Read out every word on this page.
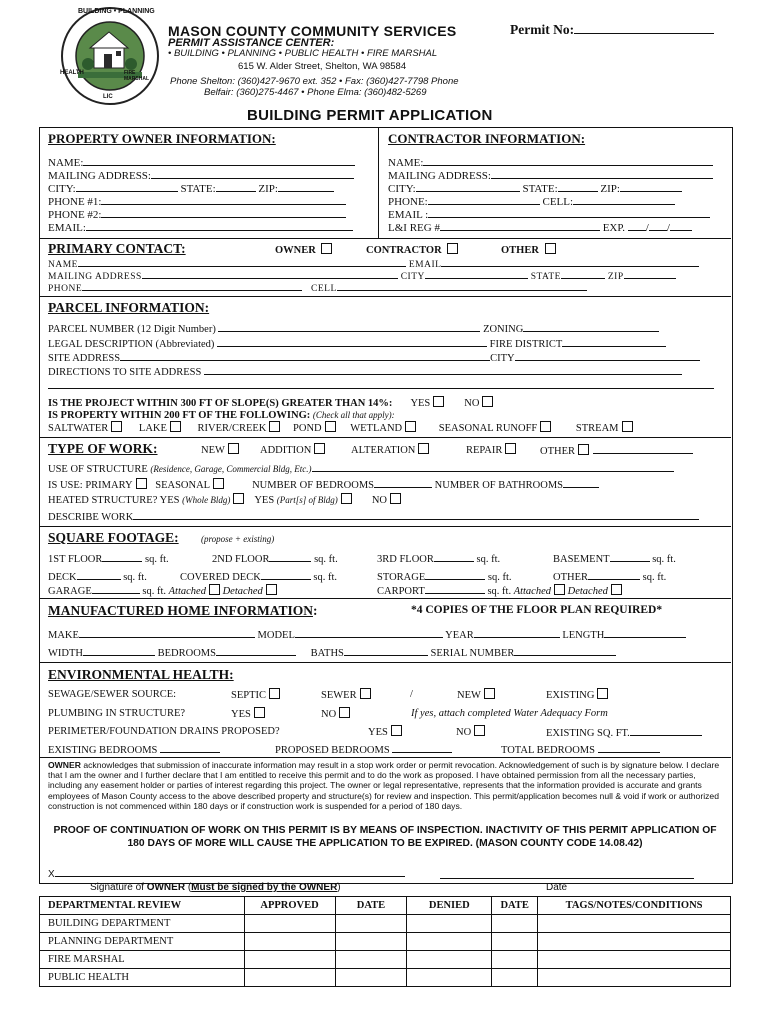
BUILDING • PLANNING
HEALTH	FIRE MARSHAL
LIC
MASON COUNTY COMMUNITY SERVICES	Permit No:
PERMIT ASSISTANCE CENTER:
• BUILDING • PLANNING • PUBLIC HEALTH • FIRE MARSHAL
615 W. Alder Street, Shelton, WA 98584
Phone Shelton: (360)427-9670 ext. 352 • Fax: (360)427-7798 Phone
Belfair: (360)275-4467 • Phone Elma: (360)482-5269
BUILDING PERMIT APPLICATION
PROPERTY OWNER INFORMATION:
NAME:
MAILING ADDRESS:
CITY:	STATE:	ZIP:
PHONE #1:
PHONE #2:
EMAIL:
CONTRACTOR INFORMATION:
NAME:
MAILING ADDRESS:
CITY:	STATE:	ZIP:
PHONE:	CELL:
EMAIL :
L&I REG #	EXP. / /
PRIMARY CONTACT:	OWNER	CONTRACTOR	OTHER
NAME	EMAIL
MAILING ADDRESS	CITY	STATE	ZIP
PHONE	CELL
PARCEL INFORMATION:
PARCEL NUMBER (12 Digit Number)	ZONING
LEGAL DESCRIPTION (Abbreviated)	FIRE DISTRICT
SITE ADDRESS	CITY
DIRECTIONS TO SITE ADDRESS
IS THE PROJECT WITHIN 300 FT OF SLOPE(S) GREATER THAN 14%: YES	NO
IS PROPERTY WITHIN 200 FT OF THE FOLLOWING: (Check all that apply):
SALTWATER	LAKE	RIVER/CREEK	POND	WETLAND	SEASONAL RUNOFF	STREAM
TYPE OF WORK:	NEW	ADDITION	ALTERATION	REPAIR	OTHER
USE OF STRUCTURE (Residence, Garage, Commercial Bldg, Etc.)
IS USE: PRIMARY SEASONAL	NUMBER OF BEDROOMS	NUMBER OF BATHROOMS
HEATED STRUCTURE? YES (Whole Bldg) YES (Part[s] of Bldg)	NO
DESCRIBE WORK
SQUARE FOOTAGE: (propose + existing)
1ST FLOOR	sq. ft.	2ND FLOOR	sq. ft.	3RD FLOOR	sq. ft.	BASEMENT	sq. ft.
DECK	sq. ft.	COVERED DECK	sq. ft.	STORAGE	sq. ft.	OTHER	sq. ft.
GARAGE	sq. ft. Attached Detached	CARPORT	sq. ft. Attached Detached
MANUFACTURED HOME INFORMATION:	*4 COPIES OF THE FLOOR PLAN REQUIRED*
MAKE	MODEL	YEAR	LENGTH
WIDTH	BEDROOMS	BATHS	SERIAL NUMBER
ENVIRONMENTAL HEALTH:
SEWAGE/SEWER SOURCE:	SEPTIC	SEWER	/	NEW	EXISTING
PLUMBING IN STRUCTURE?	YES	NO	If yes, attach completed Water Adequacy Form
PERIMETER/FOUNDATION DRAINS PROPOSED?	YES	NO	EXISTING SQ. FT.
EXISTING BEDROOMS	PROPOSED BEDROOMS	TOTAL BEDROOMS
OWNER acknowledges that submission of inaccurate information may result in a stop work order or permit revocation. Acknowledgement of such is by signature below. I declare that I am the owner and I further declare that I am entitled to receive this permit and to do the work as proposed. I have obtained permission from all the necessary parties, including any easement holder or parties of interest regarding this project. The owner or legal representative, represents that the information provided is accurate and grants employees of Mason County access to the above described property and structure(s) for review and inspection. This permit/application becomes null & void if work or authorized construction is not commenced within 180 days or if construction work is suspended for a period of 180 days.
PROOF OF CONTINUATION OF WORK ON THIS PERMIT IS BY MEANS OF INSPECTION. INACTIVITY OF THIS PERMIT APPLICATION OF 180 DAYS OF MORE WILL CAUSE THE APPLICATION TO BE EXPIRED. (MASON COUNTY CODE 14.08.42)
X
Signature of OWNER (Must be signed by the OWNER)	Date
DEPARTMENTAL REVIEW	APPROVED	DATE	DENIED	DATE	TAGS/NOTES/CONDITIONS
BUILDING DEPARTMENT					
PLANNING DEPARTMENT					
FIRE MARSHAL					
PUBLIC HEALTH					
